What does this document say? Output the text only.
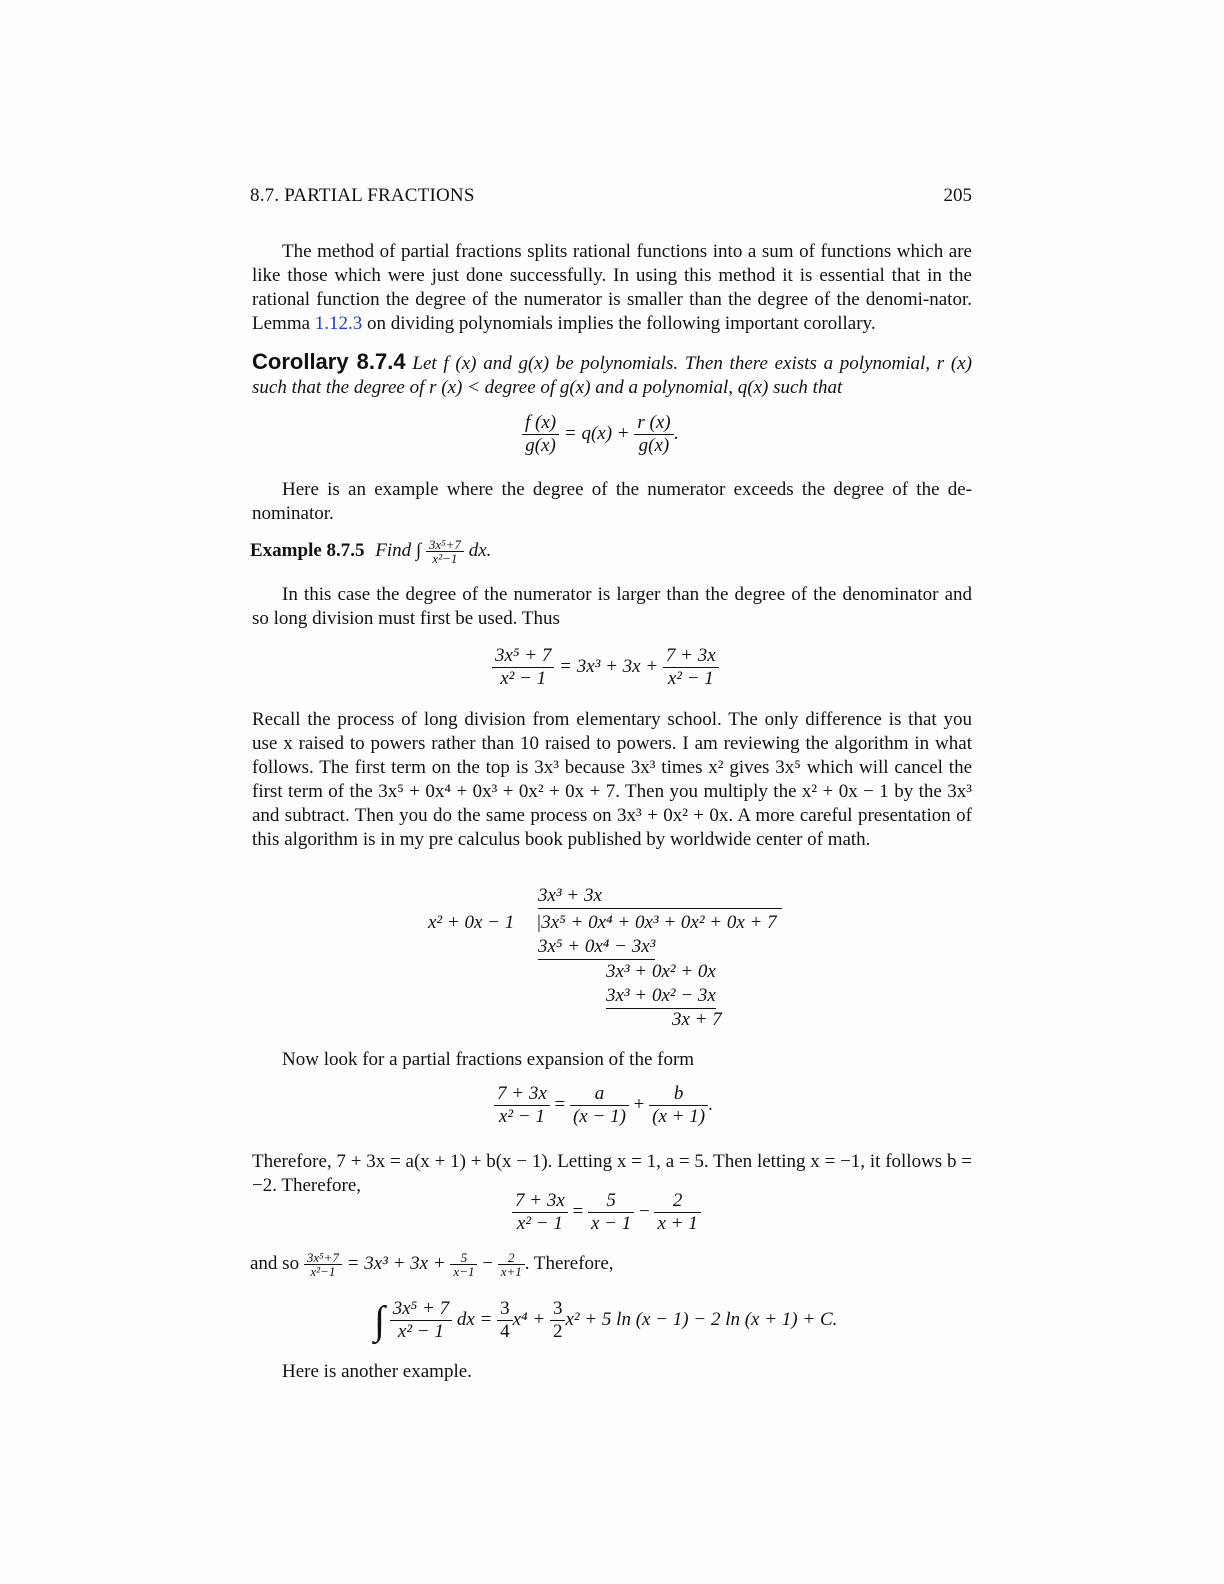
8.7. PARTIAL FRACTIONS	205
The method of partial fractions splits rational functions into a sum of functions which are like those which were just done successfully. In using this method it is essential that in the rational function the degree of the numerator is smaller than the degree of the denomi-nator. Lemma 1.12.3 on dividing polynomials implies the following important corollary.
Corollary 8.7.4 Let f (x) and g(x) be polynomials. Then there exists a polynomial, r (x) such that the degree of r (x) < degree of g(x) and a polynomial, q(x) such that
$\frac{f (x)}{g(x)} = q(x) + \frac{r (x)}{g(x)}$ .
Here is an example where the degree of the numerator exceeds the degree of the de-nominator.
Example 8.7.5 Find ∫ $\frac{\text{3x⁵+7}}{\text{x²−1}}$ dx.
In this case the degree of the numerator is larger than the degree of the denominator and so long division must first be used. Thus
$\frac{\text{3x⁵ + 7}}{\text{x² − 1}} = 3x^3 + 3x + \frac{7 + 3x}{\text{x² − 1}}$
Recall the process of long division from elementary school. The only difference is that you use x raised to powers rather than 10 raised to powers. I am reviewing the algorithm in what follows. The first term on the top is 3x³ because 3x³ times x² gives 3x⁵ which will cancel the first term of the 3x⁵ + 0x⁴ + 0x³ + 0x² + 0x + 7. Then you multiply the x² + 0x − 1 by the 3x³ and subtract. Then you do the same process on 3x³ + 0x² + 0x. A more careful presentation of this algorithm is in my pre calculus book published by worldwide center of math.
3x³ + 3x
x² + 0x − 1 |3x⁵ + 0x⁴ + 0x³ + 0x² + 0x + 7
3x⁵ + 0x⁴ − 3x³
3x³ + 0x² + 0x
3x³ + 0x² − 3x
3x + 7
Now look for a partial fractions expansion of the form
$\frac{7 + 3x}{\text{x² − 1}} = \frac{a}{(x - 1)} + \frac{b}{(x + 1)}$ .
Therefore, 7 + 3x = a(x + 1) + b(x − 1). Letting x = 1, a = 5. Then letting x = −1, it follows b = −2. Therefore,
$\frac{7 + 3x}{\text{x² − 1}} = \frac{5}{x - 1} - \frac{2}{x + 1}$
and so $\frac{\text{3x⁵+7}}{\text{x²−1}} = 3x^3 + 3x + \frac{5}{x-1} - \frac{2}{x+1}$ . Therefore,
∫ $\frac{\text{3x⁵ + 7}}{\text{x² − 1}}$ dx = $\frac{3}{4} x^4 + \frac{3}{2} x^2 + 5$ ln (x − 1) − 2 ln (x + 1) + C.
Here is another example.
